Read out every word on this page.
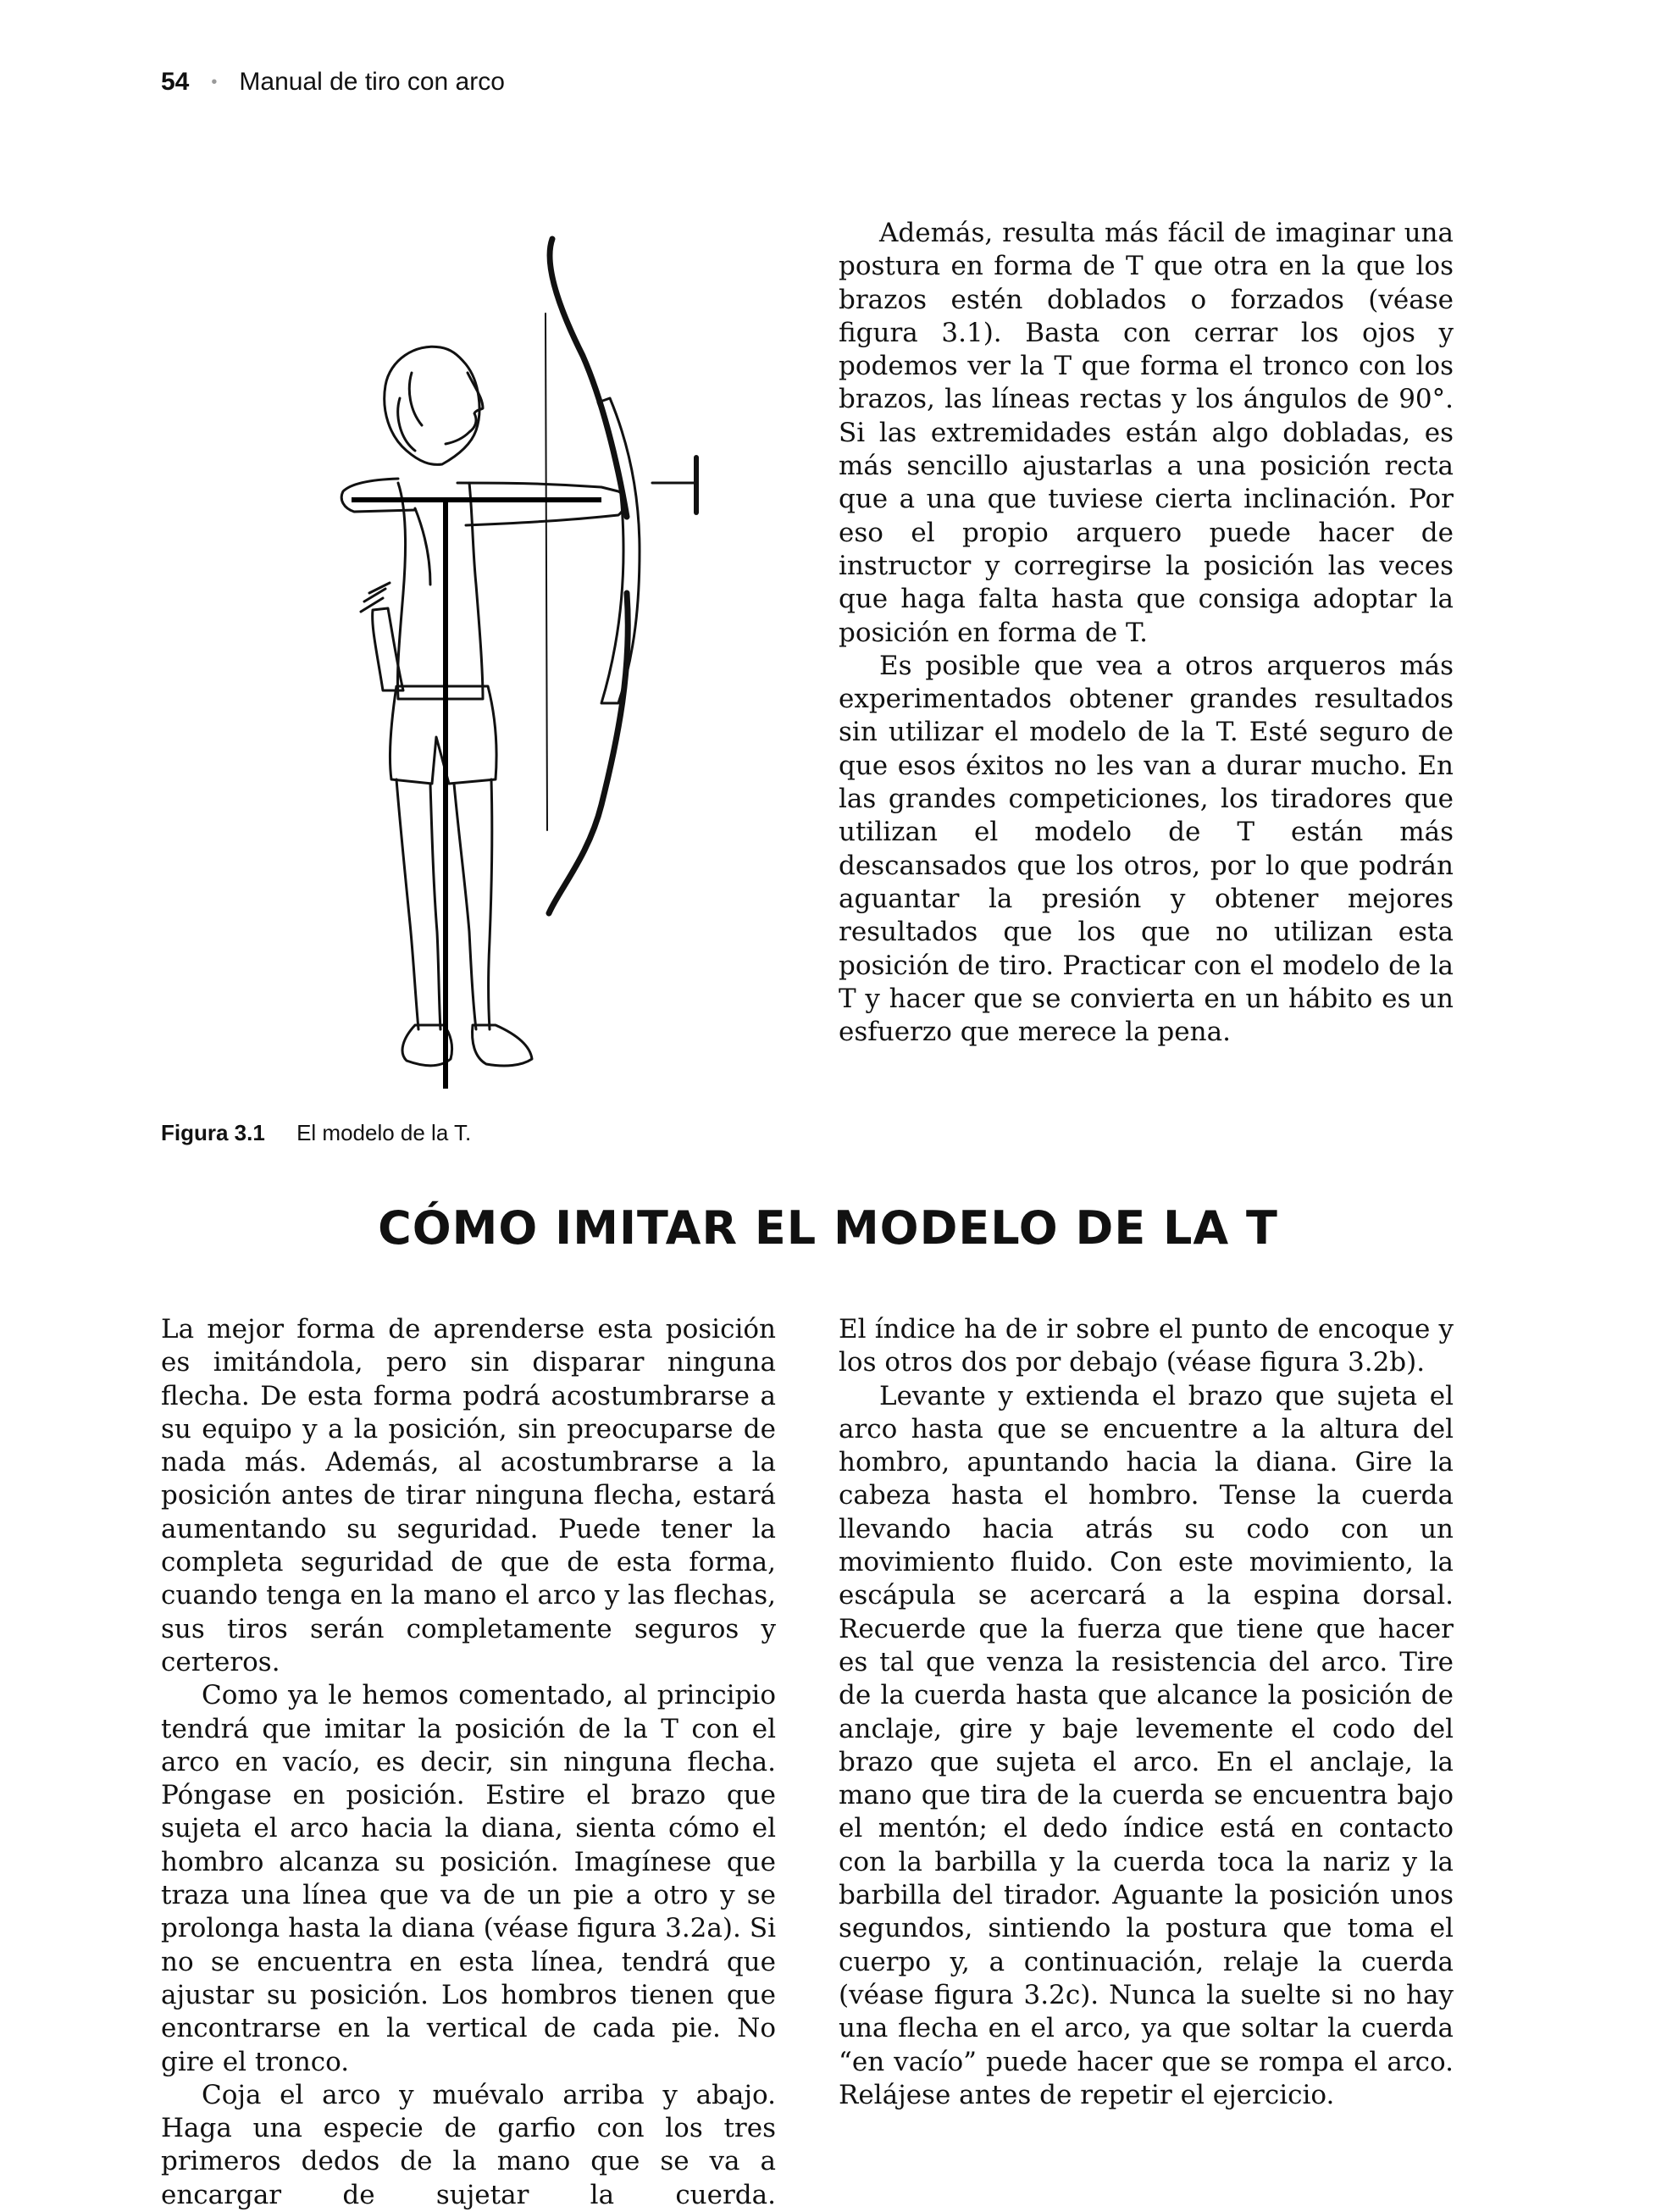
54 • Manual de tiro con arco
Figura 3.1 El modelo de la T.

Además, resulta más fácil de imaginar una postura en forma de T que otra en la que los brazos estén doblados o forzados (véase figura 3.1). Basta con cerrar los ojos y podemos ver la T que forma el tronco con los brazos, las líneas rectas y los ángulos de 90°. Si las extremidades están algo dobladas, es más sencillo ajustarlas a una posición recta que a una que tuviese cierta inclinación. Por eso el propio arquero puede hacer de instructor y corregirse la posición las veces que haga falta hasta que consiga adoptar la posición en forma de T.

Es posible que vea a otros arqueros más experimentados obtener grandes resultados sin utilizar el modelo de la T. Esté seguro de que esos éxitos no les van a durar mucho. En las grandes competiciones, los tiradores que utilizan el modelo de T están más descansados que los otros, por lo que podrán aguantar la presión y obtener mejores resultados que los que no utilizan esta posición de tiro. Practicar con el modelo de la T y hacer que se convierta en un hábito es un esfuerzo que merece la pena.

CÓMO IMITAR EL MODELO DE LA T

La mejor forma de aprenderse esta posición es imitándola, pero sin disparar ninguna flecha. De esta forma podrá acostumbrarse a su equipo y a la posición, sin preocuparse de nada más. Además, al acostumbrarse a la posición antes de tirar ninguna flecha, estará aumentando su seguridad. Puede tener la completa seguridad de que de esta forma, cuando tenga en la mano el arco y las flechas, sus tiros serán completamente seguros y certeros.

Como ya le hemos comentado, al principio tendrá que imitar la posición de la T con el arco en vacío, es decir, sin ninguna flecha. Póngase en posición. Estire el brazo que sujeta el arco hacia la diana, sienta cómo el hombro alcanza su posición. Imagínese que traza una línea que va de un pie a otro y se prolonga hasta la diana (véase figura 3.2a). Si no se encuentra en esta línea, tendrá que ajustar su posición. Los hombros tienen que encontrarse en la vertical de cada pie. No gire el tronco.

Coja el arco y muévalo arriba y abajo. Haga una especie de garfio con los tres primeros dedos de la mano que se va a encargar de sujetar la cuerda.

El índice ha de ir sobre el punto de encoque y los otros dos por debajo (véase figura 3.2b).

Levante y extienda el brazo que sujeta el arco hasta que se encuentre a la altura del hombro, apuntando hacia la diana. Gire la cabeza hasta el hombro. Tense la cuerda llevando hacia atrás su codo con un movimiento fluido. Con este movimiento, la escápula se acercará a la espina dorsal. Recuerde que la fuerza que tiene que hacer es tal que venza la resistencia del arco. Tire de la cuerda hasta que alcance la posición de anclaje, gire y baje levemente el codo del brazo que sujeta el arco. En el anclaje, la mano que tira de la cuerda se encuentra bajo el mentón; el dedo índice está en contacto con la barbilla y la cuerda toca la nariz y la barbilla del tirador. Aguante la posición unos segundos, sintiendo la postura que toma el cuerpo y, a continuación, relaje la cuerda (véase figura 3.2c). Nunca la suelte si no hay una flecha en el arco, ya que soltar la cuerda “en vacío” puede hacer que se rompa el arco. Relájese antes de repetir el ejercicio.
